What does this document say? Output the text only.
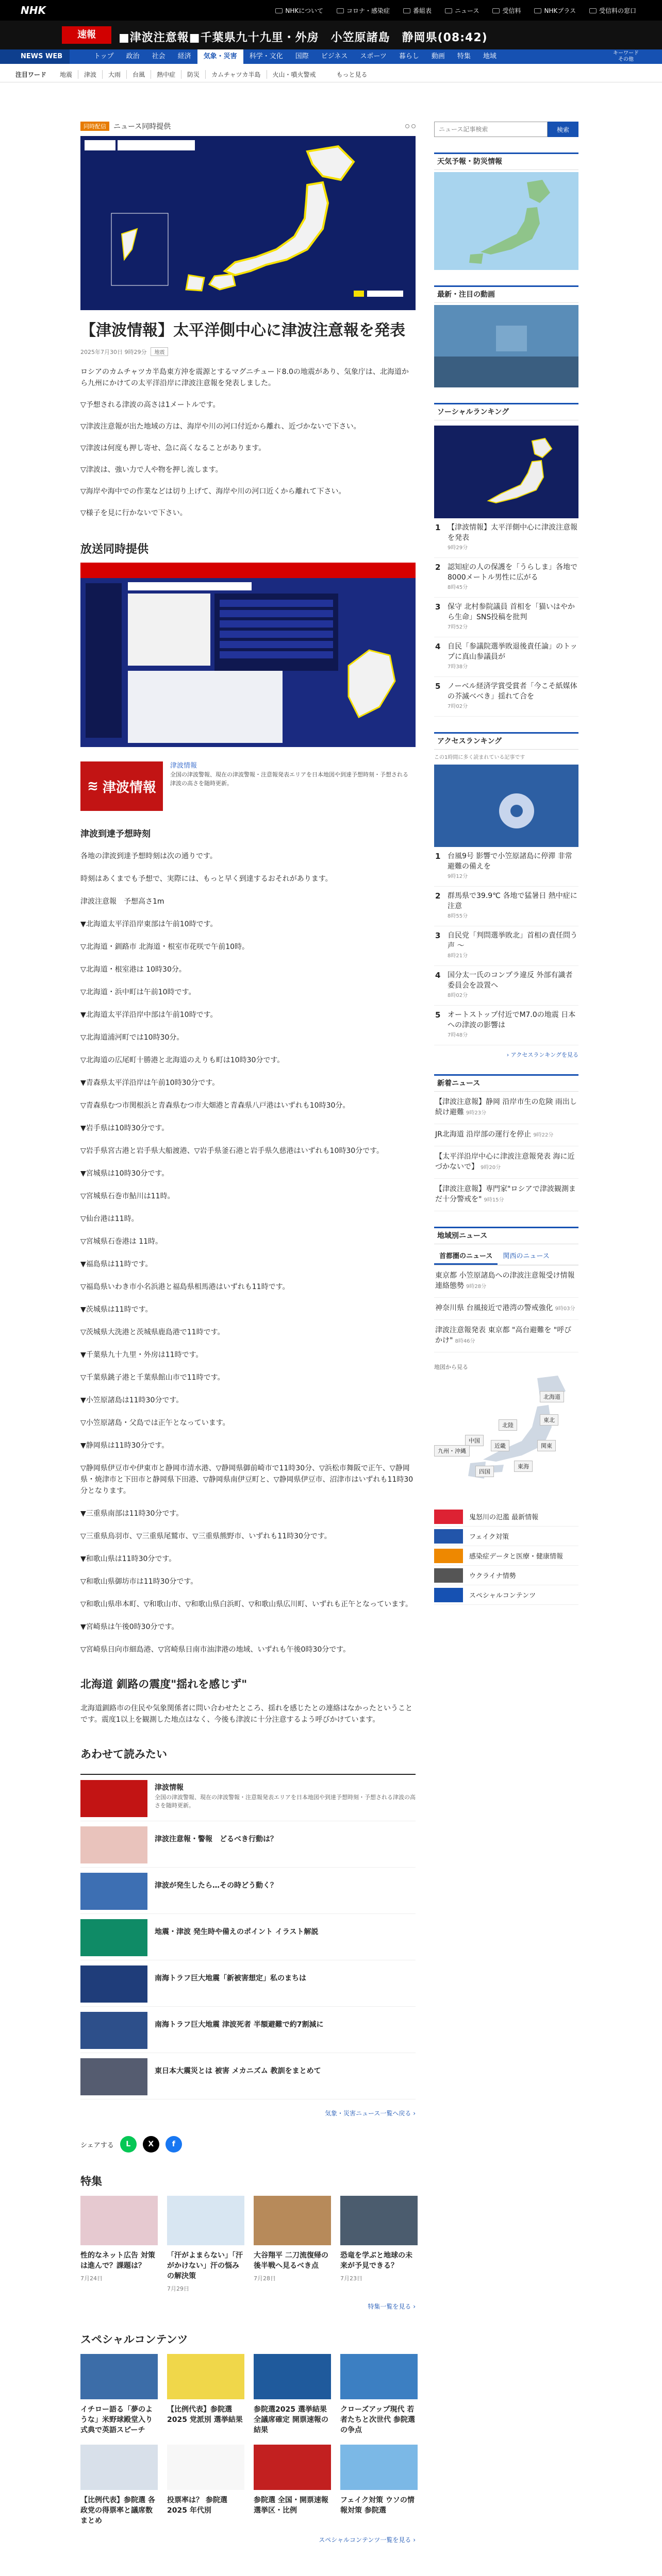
NHK	NHKについて	コロナ・感染症	番組表	ニュース	受信料	NHKプラス	受信料の窓口
速報	■津波注意報■千葉県九十九里・外房　小笠原諸島　静岡県(08:42)
NEWS WEB	トップ	政治	社会	経済	気象・災害	科学・文化	国際	ビジネス	スポーツ	暮らし	動画	特集	地域	キーワード
その他
注目ワード	地震	津波	大雨	台風	熱中症	防災	カムチャツカ半島	火山・噴火警戒	もっと見る
同時配信	ニュース同時提供
【津波情報】太平洋側中心に津波注意報を発表
2025年7月30日 9時29分	地震

ロシアのカムチャツカ半島東方沖を震源とするマグニチュード8.0の地震があり、気象庁は、北海道から九州にかけての太平洋沿岸に津波注意報を発表しました。

▽予想される津波の高さは1メートルです。

▽津波注意報が出た地域の方は、海岸や川の河口付近から離れ、近づかないで下さい。

▽津波は何度も押し寄せ、急に高くなることがあります。

▽津波は、強い力で人や物を押し流します。

▽海岸や海中での作業などは切り上げて、海岸や川の河口近くから離れて下さい。

▽様子を見に行かないで下さい。

放送同時提供
≋ 津波情報
津波情報
全国の津波警報、現在の津波警報・注意報発表エリアを日本地図や到達予想時刻・予想される津波の高さを随時更新。
津波到達予想時刻

各地の津波到達予想時刻は次の通りです。

時刻はあくまでも予想で、実際には、もっと早く到達するおそれがあります。

津波注意報　予想高さ1m

▼北海道太平洋沿岸東部は午前10時です。

▽北海道・釧路市 北海道・根室市花咲で午前10時。

▽北海道・根室港は 10時30分。

▽北海道・浜中町は午前10時です。

▼北海道太平洋沿岸中部は午前10時です。

▽北海道浦河町では10時30分。

▽北海道の広尾町十勝港と北海道のえりも町は10時30分です。

▼青森県太平洋沿岸は午前10時30分です。

▽青森県むつ市関根浜と青森県むつ市大畑港と青森県八戸港はいずれも10時30分。

▼岩手県は10時30分です。

▽岩手県宮古港と岩手県大船渡港、▽岩手県釜石港と岩手県久慈港はいずれも10時30分です。

▼宮城県は10時30分です。

▽宮城県石巻市鮎川は11時。

▽仙台港は11時。

▽宮城県石巻港は 11時。

▼福島県は11時です。

▽福島県いわき市小名浜港と福島県相馬港はいずれも11時です。

▼茨城県は11時です。

▽茨城県大洗港と茨城県鹿島港で11時です。

▼千葉県九十九里・外房は11時です。

▽千葉県銚子港と千葉県館山市で11時です。

▼小笠原諸島は11時30分です。

▽小笠原諸島・父島では正午となっています。

▼静岡県は11時30分です。

▽静岡県伊豆市や伊東市と静岡市清水港、▽静岡県御前崎市で11時30分、▽浜松市舞阪で正午、▽静岡県・焼津市と下田市と静岡県下田港、▽静岡県南伊豆町と、▽静岡県伊豆市、沼津市はいずれも11時30分となります。

▼三重県南部は11時30分です。

▽三重県鳥羽市、▽三重県尾鷲市、▽三重県熊野市、いずれも11時30分です。

▼和歌山県は11時30分です。

▽和歌山県御坊市は11時30分です。

▽和歌山県串本町、▽和歌山市、▽和歌山県白浜町、▽和歌山県広川町、いずれも正午となっています。

▼宮崎県は午後0時30分です。

▽宮崎県日向市細島港、▽宮崎県日南市油津港の地域、いずれも午後0時30分です。

北海道 釧路の震度"揺れを感じず"

北海道釧路市の住民や気象関係者に問い合わせたところ、揺れを感じたとの連絡はなかったということです。震度1以上を観測した地点はなく、今後も津波に十分注意するよう呼びかけています。

あわせて読みたい
津波情報
全国の津波警報、現在の津波警報・注意報発表エリアを日本地図や到達予想時刻・予想される津波の高さを随時更新。
津波注意報・警報　どるべき行動は？
津波が発生したら…その時どう動く？
地震・津波 発生時や備えのポイント イラスト解説
南海トラフ巨大地震「新被害想定」私のまちは
南海トラフ巨大地震 津波死者 半額避難で約7割減に
東日本大震災とは 被害 メカニズム 教訓をまとめて
気象・災害ニュース一覧へ戻る ›
シェアする	L	X	f
特集
性的なネット広告 対策は進んで？課題は？
7月24日
「汗がよまらない」「汗がかけない」汗の悩みの解決策
7月29日
大谷翔平 二刀流復帰の後半戦へ見るべき点
7月28日
恐竜を学ぶと地球の未来が予見できる？
7月23日
特集一覧を見る ›
スペシャルコンテンツ
イチロー語る「夢のような」米野球殿堂入り式典で英語スピーチ
【比例代表】参院選2025 党派別 選挙結果
参院選2025 選挙結果 全議席確定 開票速報の結果
クローズアップ現代 若者たちと次世代 参院選の争点
【比例代表】参院選 各政党の得票率と議席数まとめ
投票率は？ 参院選2025 年代別
参院選 全国・開票速報 選挙区・比例
フェイク対策 ウソの情報対策 参院選
スペシャルコンテンツ一覧を見る ›
ニュース記事検索
検索
天気予報・防災情報
最新・注目の動画
ソーシャルランキング
1 【津波情報】太平洋側中心に津波注意報を発表
9時29分
2 認知症の人の保護を「うらしま」各地で8000メートル男性に広がる
8時45分
3 保守 北村参院議員 首相を「猫いはやから生命」SNS投稿を批判
7時52分
4 自民「参議院選挙敗退後責任論」のトップに真山参議員が
7時38分
5 ノーベル経済学賞受賞者「今こそ紙媒体の芥滅べべき」揺れて合を
7時02分
アクセスランキング
この1時間に多く読まれている記事です
1 台風9号 影響で小笠原諸島に停滞 非常避難の備えを
9時12分
2 群馬県で39.9℃ 各地で猛暑日 熱中症に注意
8時55分
3 自民党「判問選挙敗北」首相の責任問う声 ～
8時21分
4 国分太一氏のコンプラ違反 外部有識者委員会を設置へ
8時02分
5 オートストップ付近でM7.0の地震 日本への津波の影響は
7時48分
› アクセスランキングを見る
新着ニュース
【津波注意報】静岡 沿岸市生の危険 雨出し続け避難 9時23分
JR北海道 沿岸部の運行を停止 9時22分
【太平洋沿岸中心に津波注意報発表 海に近づかないで】 9時20分
【津波注意報】専門家"ロシアで津波観測まだ十分警戒を" 9時15分
地域別ニュース
首都圏のニュース	関西のニュース
東京都 小笠原諸島への津波注意報受け情報連絡態勢 9時28分
神奈川県 台風接近で港湾の警戒強化 9時03分
津波注意報発表 東京都 "高台避難を "呼びかけ" 8時46分
地図から見る
北海道
東北
北陸
関東
近畿
中国
九州・沖縄
四国
東海
鬼怒川の氾濫 最新情報
フェイク対策
感染症データと医療・健康情報
ウクライナ情勢
スペシャルコンテンツ
